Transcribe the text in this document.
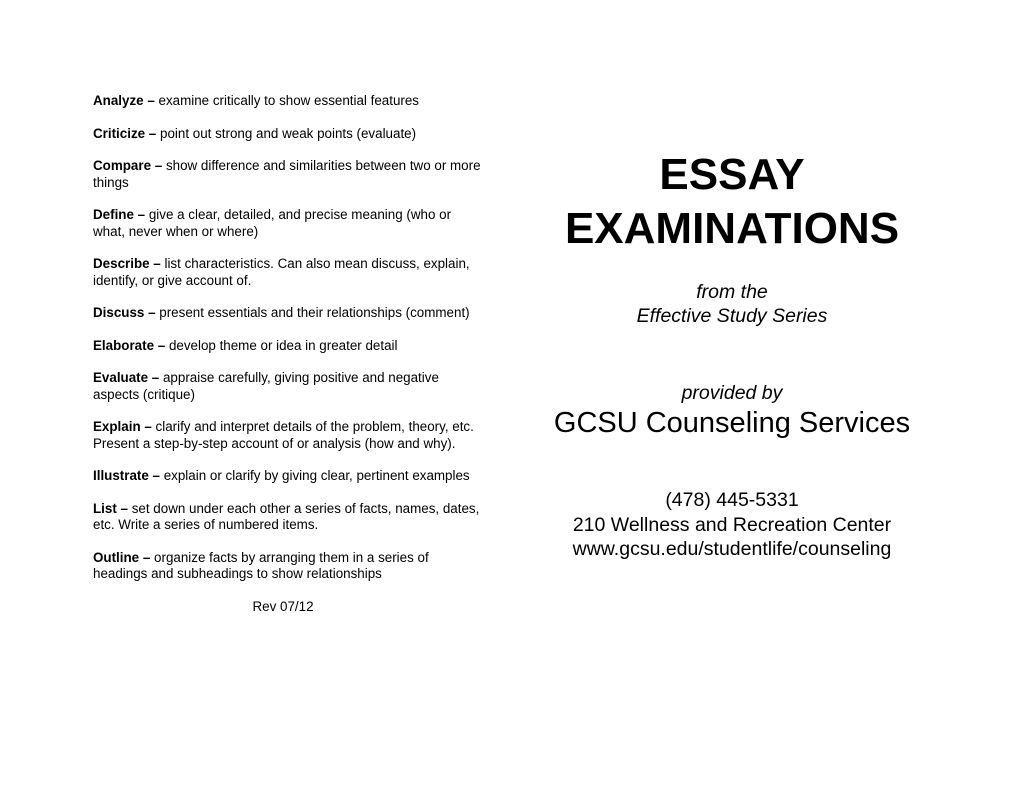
Analyze – examine critically to show essential features

Criticize – point out strong and weak points (evaluate)

Compare – show difference and similarities between two or more things

Define – give a clear, detailed, and precise meaning (who or what, never when or where)

Describe – list characteristics. Can also mean discuss, explain, identify, or give account of.

Discuss – present essentials and their relationships (comment)

Elaborate – develop theme or idea in greater detail

Evaluate – appraise carefully, giving positive and negative aspects (critique)

Explain – clarify and interpret details of the problem, theory, etc. Present a step-by-step account of or analysis (how and why).

Illustrate – explain or clarify by giving clear, pertinent examples

List – set down under each other a series of facts, names, dates, etc. Write a series of numbered items.

Outline – organize facts by arranging them in a series of headings and subheadings to show relationships

Rev 07/12
ESSAY
EXAMINATIONS
from the
Effective Study Series
provided by
GCSU Counseling Services
(478) 445-5331
210 Wellness and Recreation Center
www.gcsu.edu/studentlife/counseling
